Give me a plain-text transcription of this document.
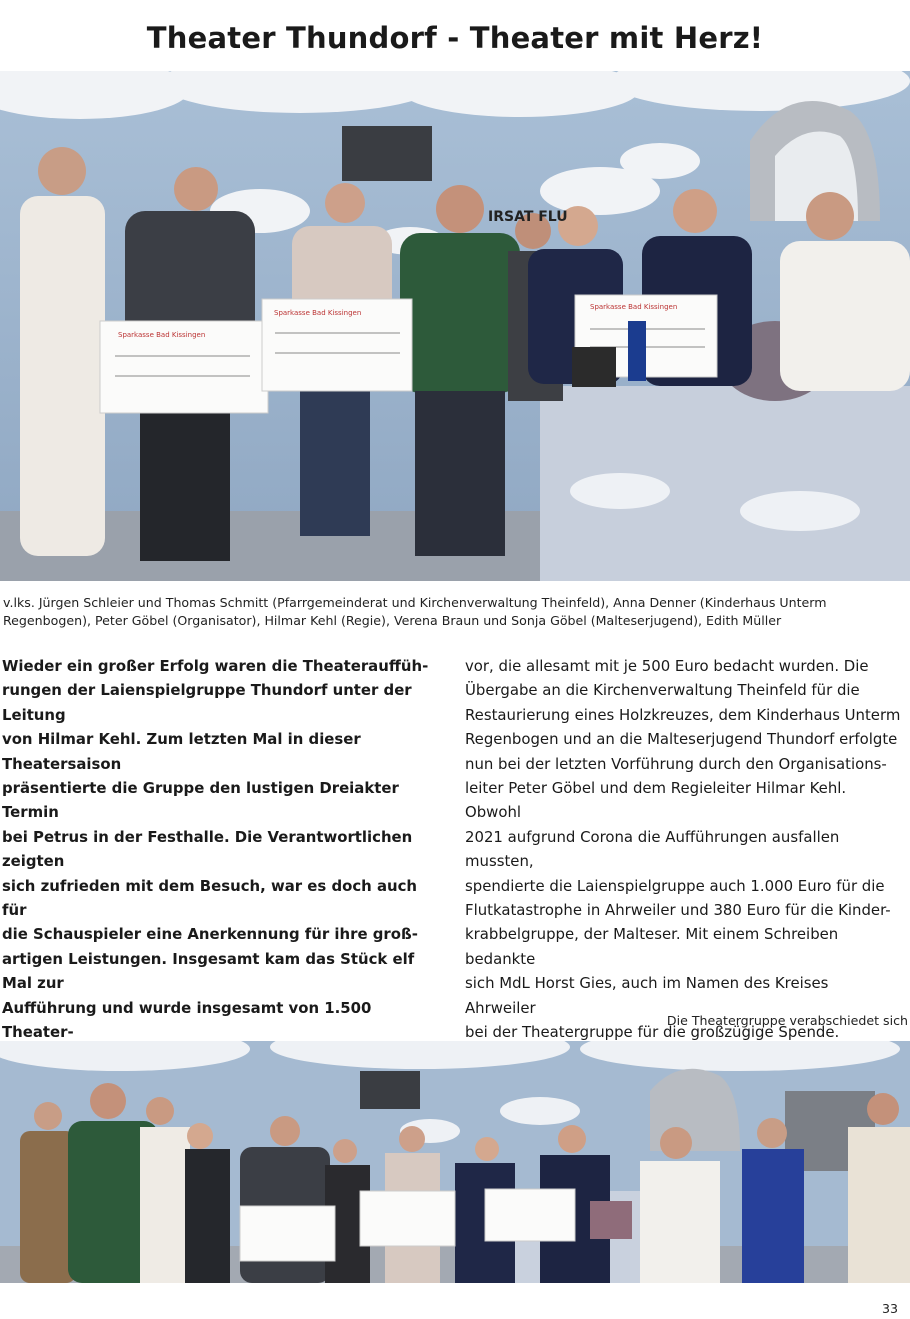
Theater Thundorf - Theater mit Herz!
Sparkasse Bad Kissingen
Sparkasse Bad Kissingen
Sparkasse Bad Kissingen
IRSAT FLU
v.lks. Jürgen Schleier und Thomas Schmitt (Pfarrgemeinderat und Kirchenverwaltung Theinfeld), Anna Denner (Kinderhaus Unterm Regenbogen), Peter Göbel (Organisator), Hilmar Kehl (Regie), Verena Braun und Sonja Göbel (Malteserjugend), Edith Müller

Wieder ein großer Erfolg waren die Theaterauffüh-
rungen der Laienspielgruppe Thundorf unter der Leitung
von Hilmar Kehl. Zum letzten Mal in dieser Theatersaison
präsentierte die Gruppe den lustigen Dreiakter Termin
bei Petrus in der Festhalle. Die Verantwortlichen zeigten
sich zufrieden mit dem Besuch, war es doch auch für
die Schauspieler eine Anerkennung für ihre groß-
artigen Leistungen. Insgesamt kam das Stück elf Mal zur
Aufführung und wurde insgesamt von 1.500 Theater-

vor, die allesamt mit je 500 Euro bedacht wurden. Die
Übergabe an die Kirchenverwaltung Theinfeld für die
Restaurierung eines Holzkreuzes, dem Kinderhaus Unterm
Regenbogen und an die Malteserjugend Thundorf erfolgte
nun bei der letzten Vorführung durch den Organisations-
leiter Peter Göbel und dem Regieleiter Hilmar Kehl. Obwohl
2021 aufgrund Corona die Aufführungen ausfallen mussten,
spendierte die Laienspielgruppe auch 1.000 Euro für die
Flutkatastrophe in Ahrweiler und 380 Euro für die Kinder-
krabbelgruppe, der Malteser. Mit einem Schreiben bedankte
sich MdL Horst Gies, auch im Namen des Kreises Ahrweiler
bei der Theatergruppe für die großzügige Spende.

Die Theatergruppe verabschiedet sich
33
